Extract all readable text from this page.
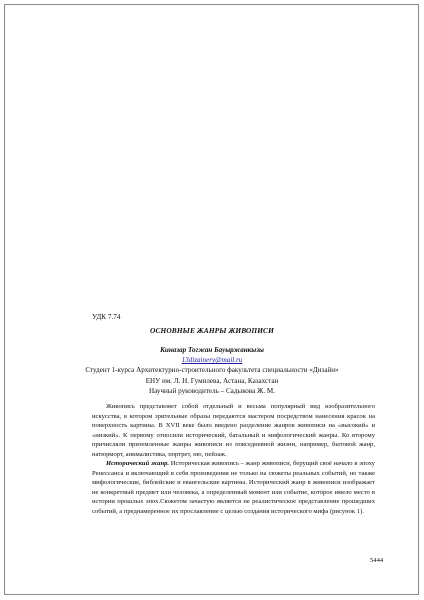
УДК 7.74
ОСНОВНЫЕ ЖАНРЫ ЖИВОПИСИ
Киназар Тогжан Бауыржанкызы
13dizainery@mail.ru
Студент 1-курса Архитектурно-строительного факультета специальности «Дизайн»
ЕНУ им. Л. Н. Гумилева, Астана, Казахстан
Научный руководитель – Садыкова Ж. М.

Живопись представляет собой отдельный и весьма популярный вид изобразительного искусства, в котором зрительные образы передаются мастером посредством нанесения красок на поверхность картины. В XVII веке было введено разделение жанров живописи на «высокий» и «низкий». К первому относили исторический, батальный и мифологический жанры. Ко второму причисляли приземленные жанры живописи из повседневной жизни, например, бытовой жанр, натюрморт, анималистика, портрет, ню, пейзаж.

Исторический жанр. Историческая живопись – жанр живописи, берущий своё начало в эпоху Ренессанса и включающий в себя произведения не только на сюжеты реальных событий, но также мифологические, библейские и евангельские картины. Исторический жанр в живописи изображает не конкретный предмет или человека, а определенный момент или событие, которое имело место в истории прошлых эпох.Сюжетом зачастую является не реалистическое представление прошедших событий, а преднамеренное их прославление с целью создания исторического мифа (рисунок 1).

5444
